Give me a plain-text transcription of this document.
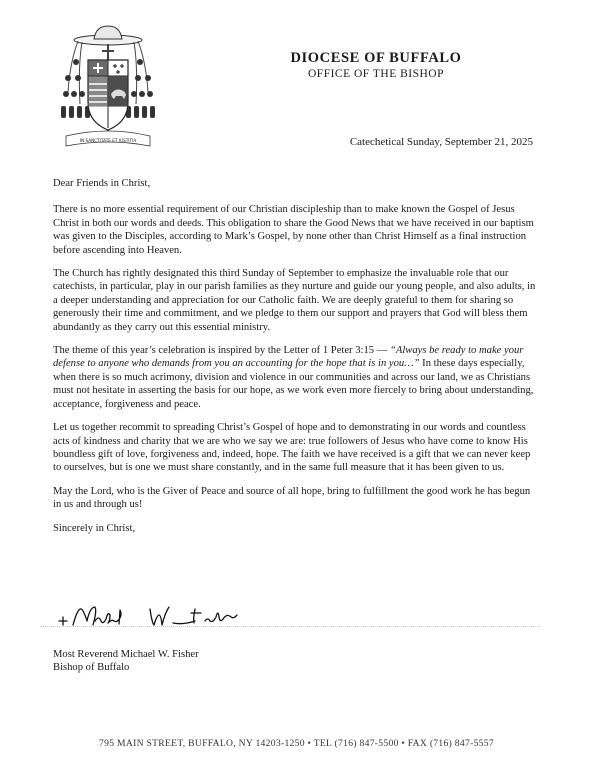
IN SANCTITATE ET IUSTITIA
DIOCESE OF BUFFALO
OFFICE OF THE BISHOP
Catechetical Sunday, September 21, 2025

Dear Friends in Christ,

There is no more essential requirement of our Christian discipleship than to make known the Gospel of Jesus Christ in both our words and deeds. This obligation to share the Good News that we have received in our baptism was given to the Disciples, according to Mark’s Gospel, by none other than Christ Himself as a final instruction before ascending into Heaven.

The Church has rightly designated this third Sunday of September to emphasize the invaluable role that our catechists, in particular, play in our parish families as they nurture and guide our young people, and also adults, in a deeper understanding and appreciation for our Catholic faith. We are deeply grateful to them for sharing so generously their time and commitment, and we pledge to them our support and prayers that God will bless them abundantly as they carry out this essential ministry.

The theme of this year’s celebration is inspired by the Letter of 1 Peter 3:15 — “Always be ready to make your defense to anyone who demands from you an accounting for the hope that is in you…” In these days especially, when there is so much acrimony, division and violence in our communities and across our land, we as Christians must not hesitate in asserting the basis for our hope, as we work even more fiercely to bring about understanding, acceptance, forgiveness and peace.

Let us together recommit to spreading Christ’s Gospel of hope and to demonstrating in our words and countless acts of kindness and charity that we are who we say we are: true followers of Jesus who have come to know His boundless gift of love, forgiveness and, indeed, hope. The faith we have received is a gift that we can never keep to ourselves, but is one we must share constantly, and in the same full measure that it has been given to us.

May the Lord, who is the Giver of Peace and source of all hope, bring to fulfillment the good work he has begun in us and through us!

Sincerely in Christ,

Most Reverend Michael W. Fisher
Bishop of Buffalo
795 MAIN STREET, BUFFALO, NY 14203-1250 • TEL (716) 847-5500 • FAX (716) 847-5557
